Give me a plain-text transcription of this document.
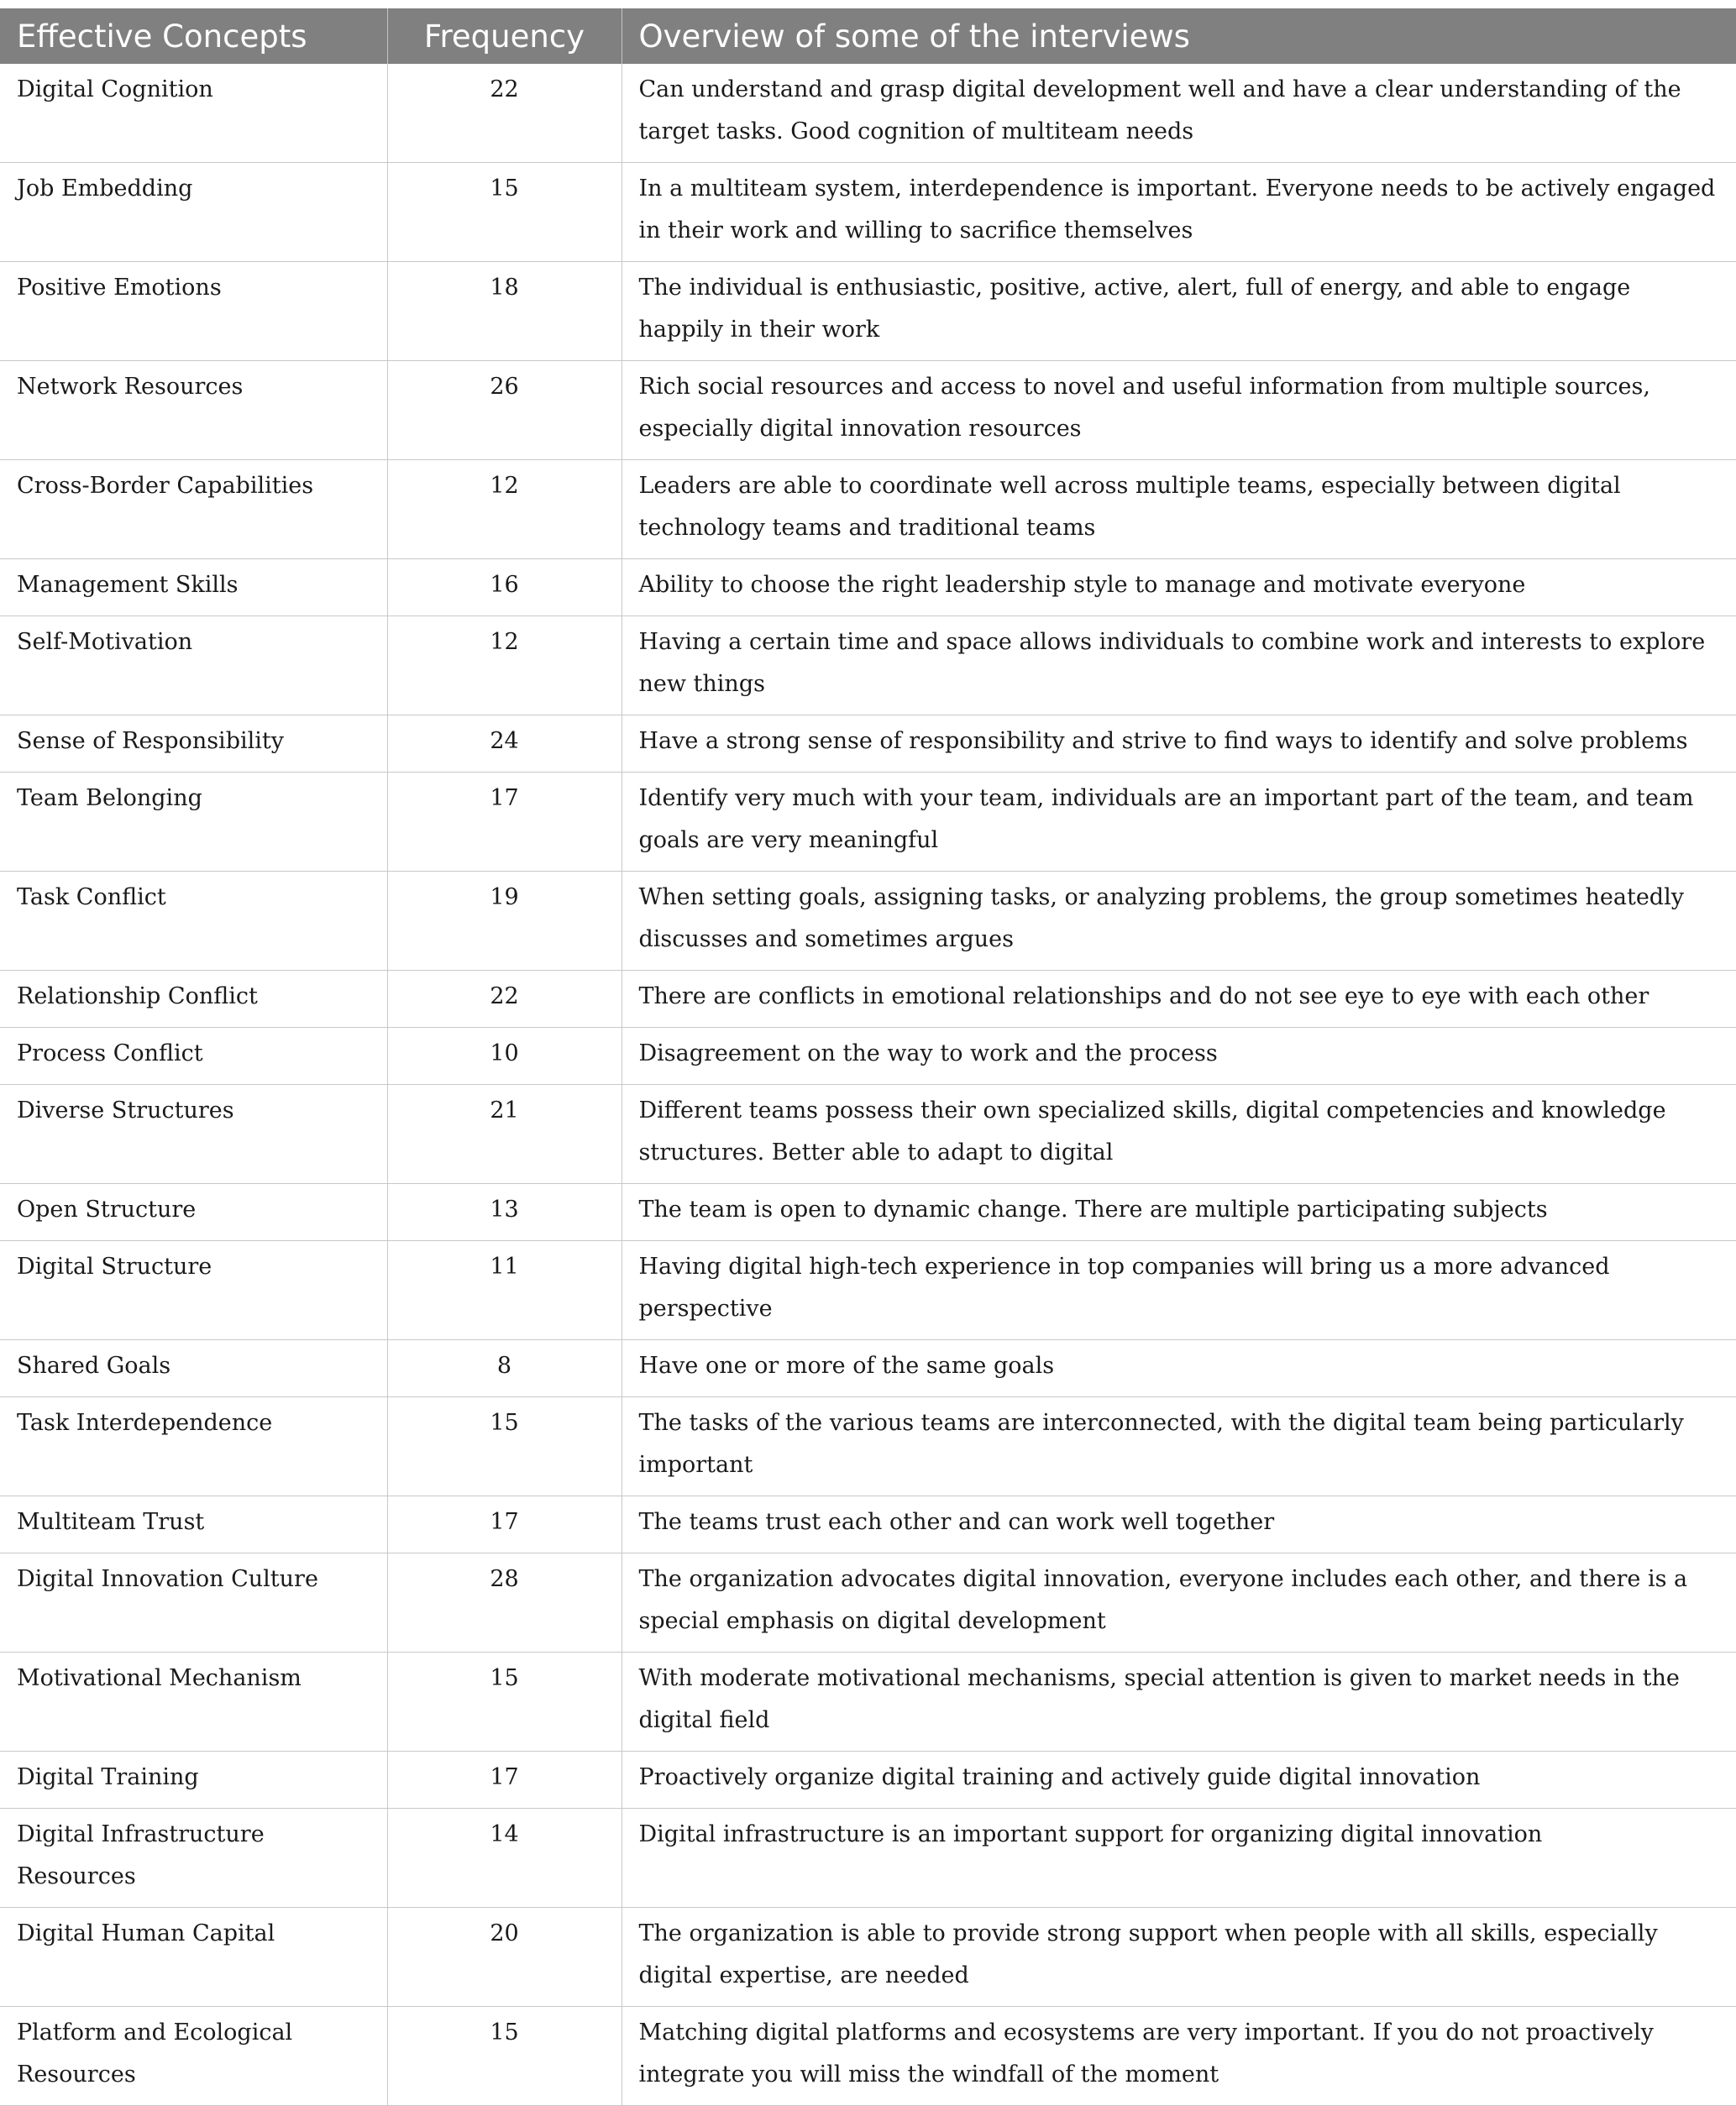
Effective Concepts	Frequency	Overview of some of the interviews
Digital Cognition	22	Can understand and grasp digital development well and have a clear understanding of the target tasks. Good cognition of multiteam needs
Job Embedding	15	In a multiteam system, interdependence is important. Everyone needs to be actively engaged in their work and willing to sacrifice themselves
Positive Emotions	18	The individual is enthusiastic, positive, active, alert, full of energy, and able to engage happily in their work
Network Resources	26	Rich social resources and access to novel and useful information from multiple sources, especially digital innovation resources
Cross-Border Capabilities	12	Leaders are able to coordinate well across multiple teams, especially between digital technology teams and traditional teams
Management Skills	16	Ability to choose the right leadership style to manage and motivate everyone
Self-Motivation	12	Having a certain time and space allows individuals to combine work and interests to explore new things
Sense of Responsibility	24	Have a strong sense of responsibility and strive to find ways to identify and solve problems
Team Belonging	17	Identify very much with your team, individuals are an important part of the team, and team goals are very meaningful
Task Conflict	19	When setting goals, assigning tasks, or analyzing problems, the group sometimes heatedly discusses and sometimes argues
Relationship Conflict	22	There are conflicts in emotional relationships and do not see eye to eye with each other
Process Conflict	10	Disagreement on the way to work and the process
Diverse Structures	21	Different teams possess their own specialized skills, digital competencies and knowledge structures. Better able to adapt to digital
Open Structure	13	The team is open to dynamic change. There are multiple participating subjects
Digital Structure	11	Having digital high-tech experience in top companies will bring us a more advanced perspective
Shared Goals	8	Have one or more of the same goals
Task Interdependence	15	The tasks of the various teams are interconnected, with the digital team being particularly important
Multiteam Trust	17	The teams trust each other and can work well together
Digital Innovation Culture	28	The organization advocates digital innovation, everyone includes each other, and there is a special emphasis on digital development
Motivational Mechanism	15	With moderate motivational mechanisms, special attention is given to market needs in the digital field
Digital Training	17	Proactively organize digital training and actively guide digital innovation
Digital Infrastructure Resources	14	Digital infrastructure is an important support for organizing digital innovation
Digital Human Capital	20	The organization is able to provide strong support when people with all skills, especially digital expertise, are needed
Platform and Ecological Resources	15	Matching digital platforms and ecosystems are very important. If you do not proactively integrate you will miss the windfall of the moment
